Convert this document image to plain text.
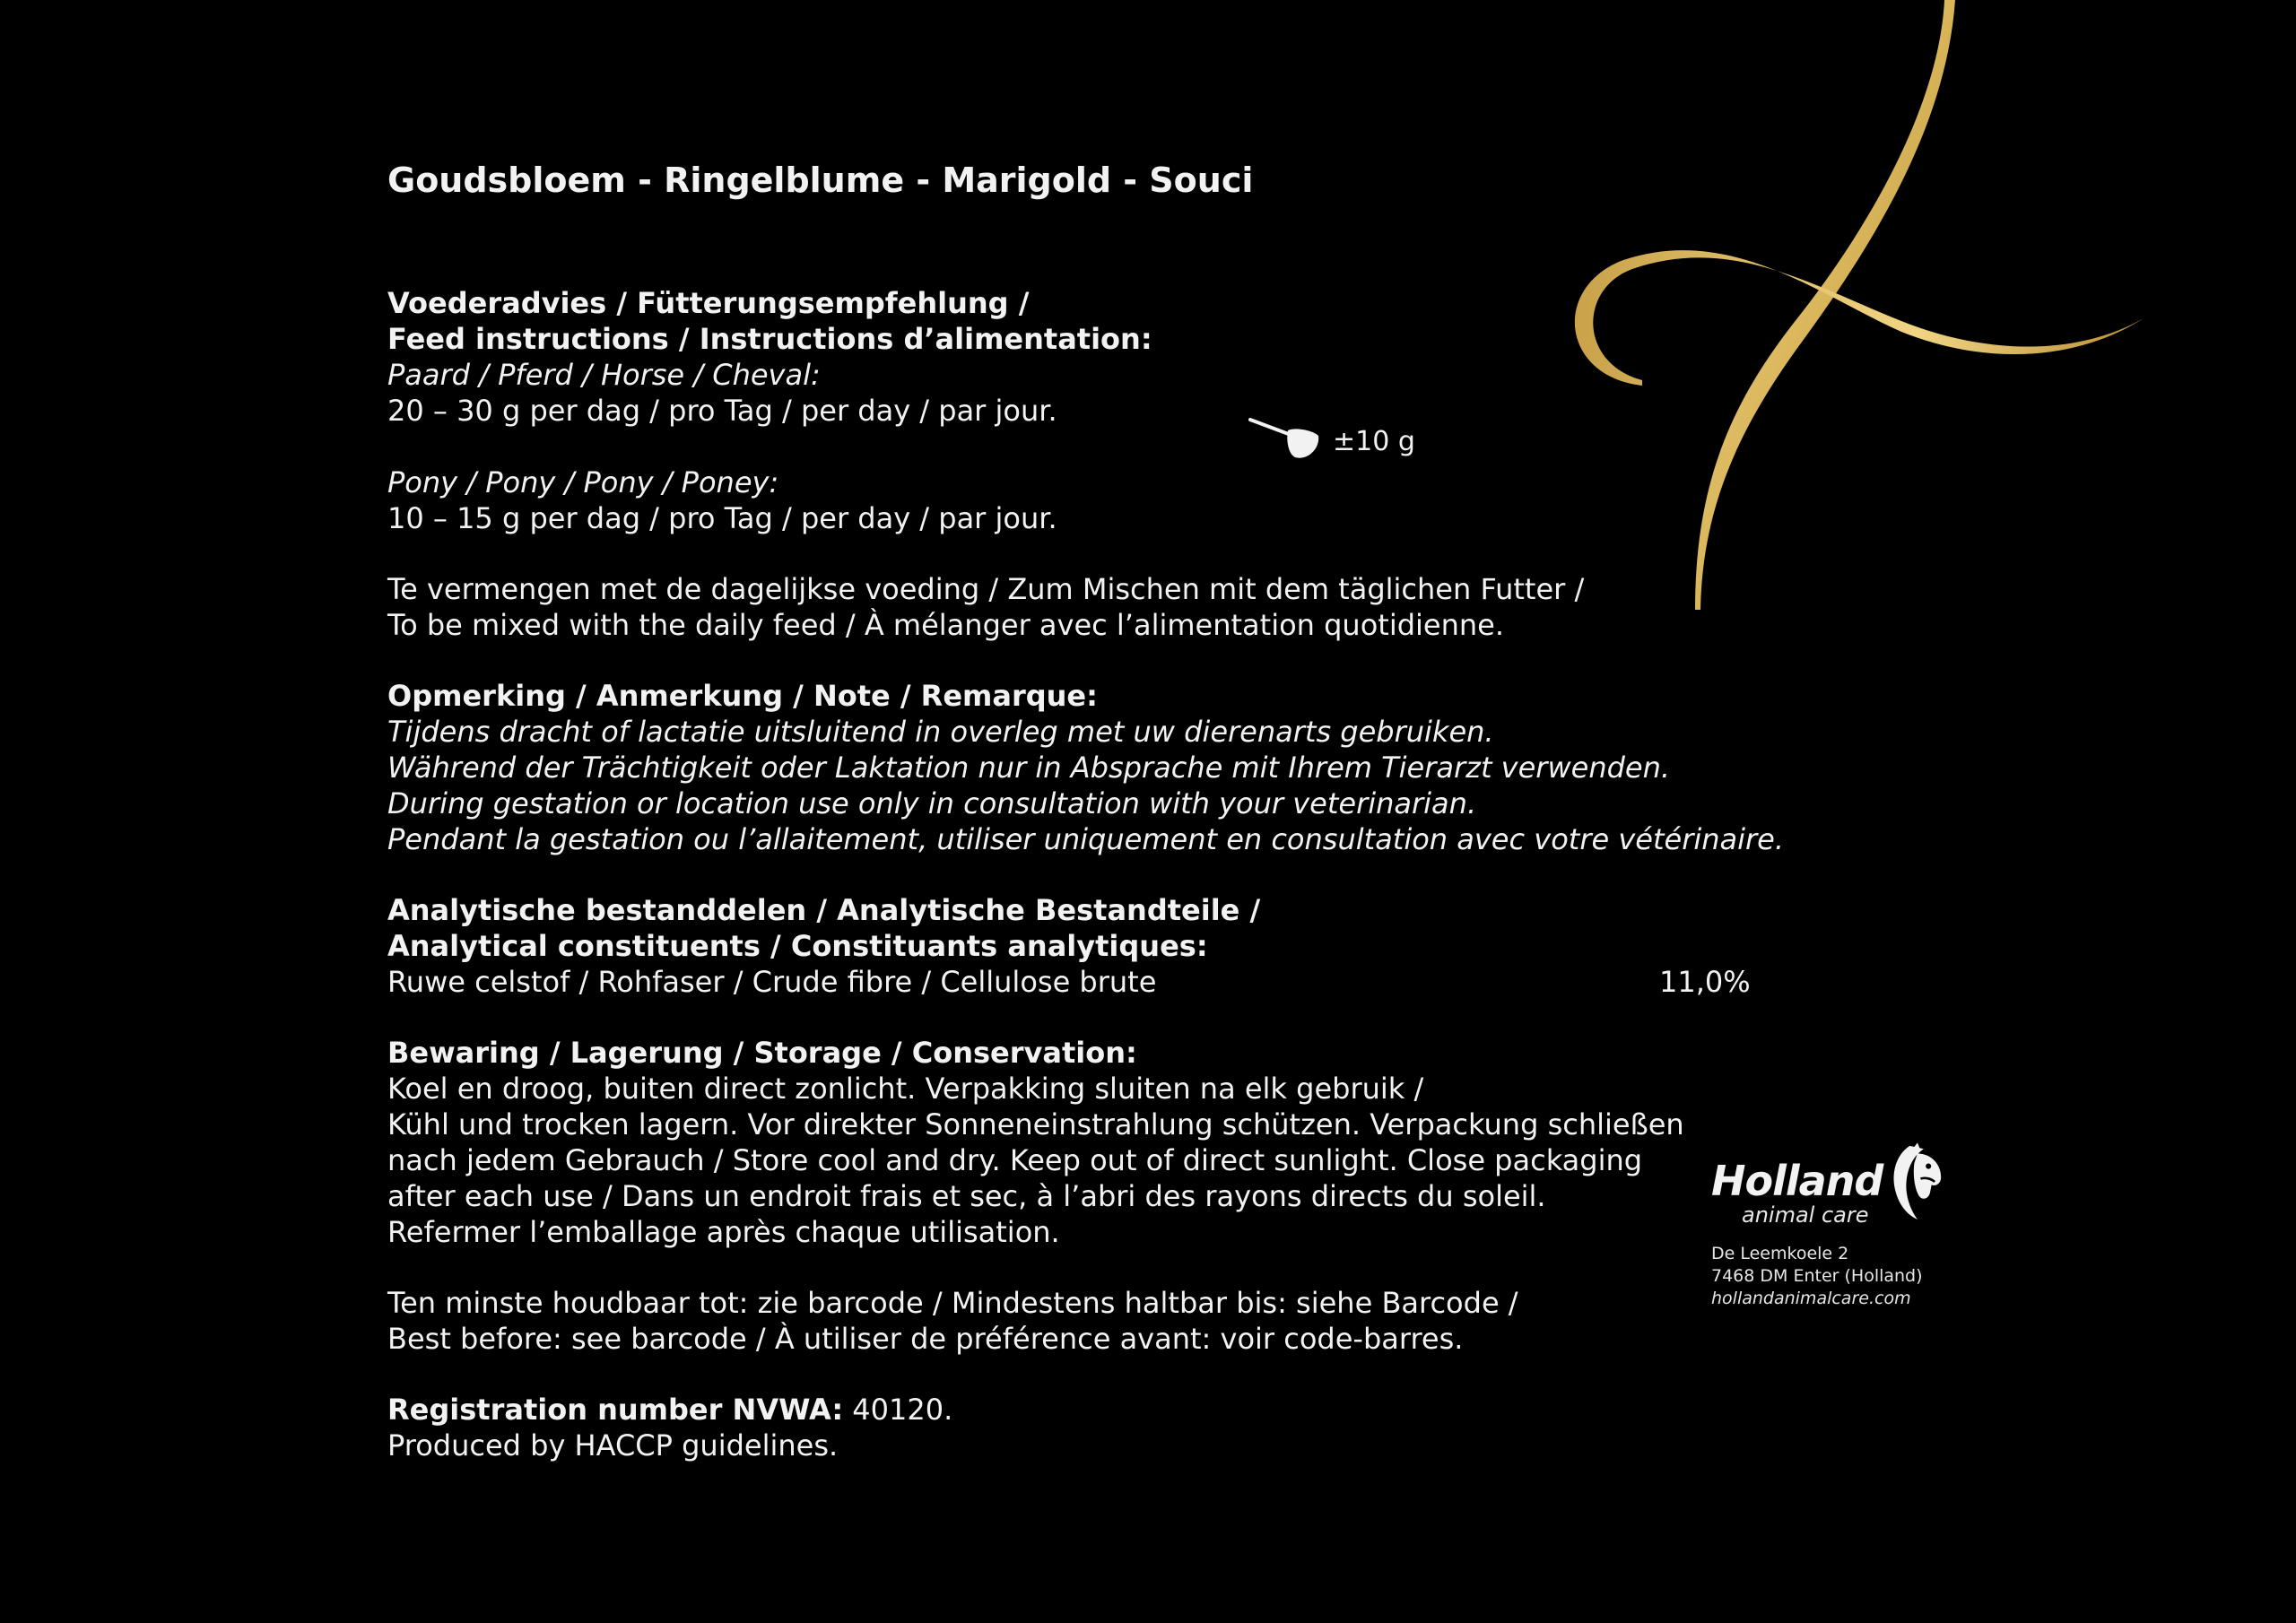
Goudsbloem - Ringelblume - Marigold - Souci
Voederadvies / Fütterungsempfehlung /
Feed instructions / Instructions d’alimentation:
Paard / Pferd / Horse / Cheval:
20 – 30 g per dag / pro Tag / per day / par jour.

Pony / Pony / Pony / Poney:
10 – 15 g per dag / pro Tag / per day / par jour.
Te vermengen met de dagelijkse voeding / Zum Mischen mit dem täglichen Futter /
To be mixed with the daily feed / À mélanger avec l’alimentation quotidienne.
Opmerking / Anmerkung / Note / Remarque:
Tijdens dracht of lactatie uitsluitend in overleg met uw dierenarts gebruiken.
Während der Trächtigkeit oder Laktation nur in Absprache mit Ihrem Tierarzt verwenden.
During gestation or location use only in consultation with your veterinarian.
Pendant la gestation ou l’allaitement, utiliser uniquement en consultation avec votre vétérinaire.
Analytische bestanddelen / Analytische Bestandteile /
Analytical constituents / Constituants analytiques:
Ruwe celstof / Rohfaser / Crude fibre / Cellulose brute	11,0%
Bewaring / Lagerung / Storage / Conservation:
Koel en droog, buiten direct zonlicht. Verpakking sluiten na elk gebruik /
Kühl und trocken lagern. Vor direkter Sonneneinstrahlung schützen. Verpackung schließen
nach jedem Gebrauch / Store cool and dry. Keep out of direct sunlight. Close packaging
after each use / Dans un endroit frais et sec, à l’abri des rayons directs du soleil.
Refermer l’emballage après chaque utilisation.
Ten minste houdbaar tot: zie barcode / Mindestens haltbar bis: siehe Barcode /
Best before: see barcode / À utiliser de préférence avant: voir code-barres.
Registration number NVWA: 40120.
Produced by HACCP guidelines.
±10 g
Holland
animal care
De Leemkoele 2
7468 DM Enter (Holland)
hollandanimalcare.com
